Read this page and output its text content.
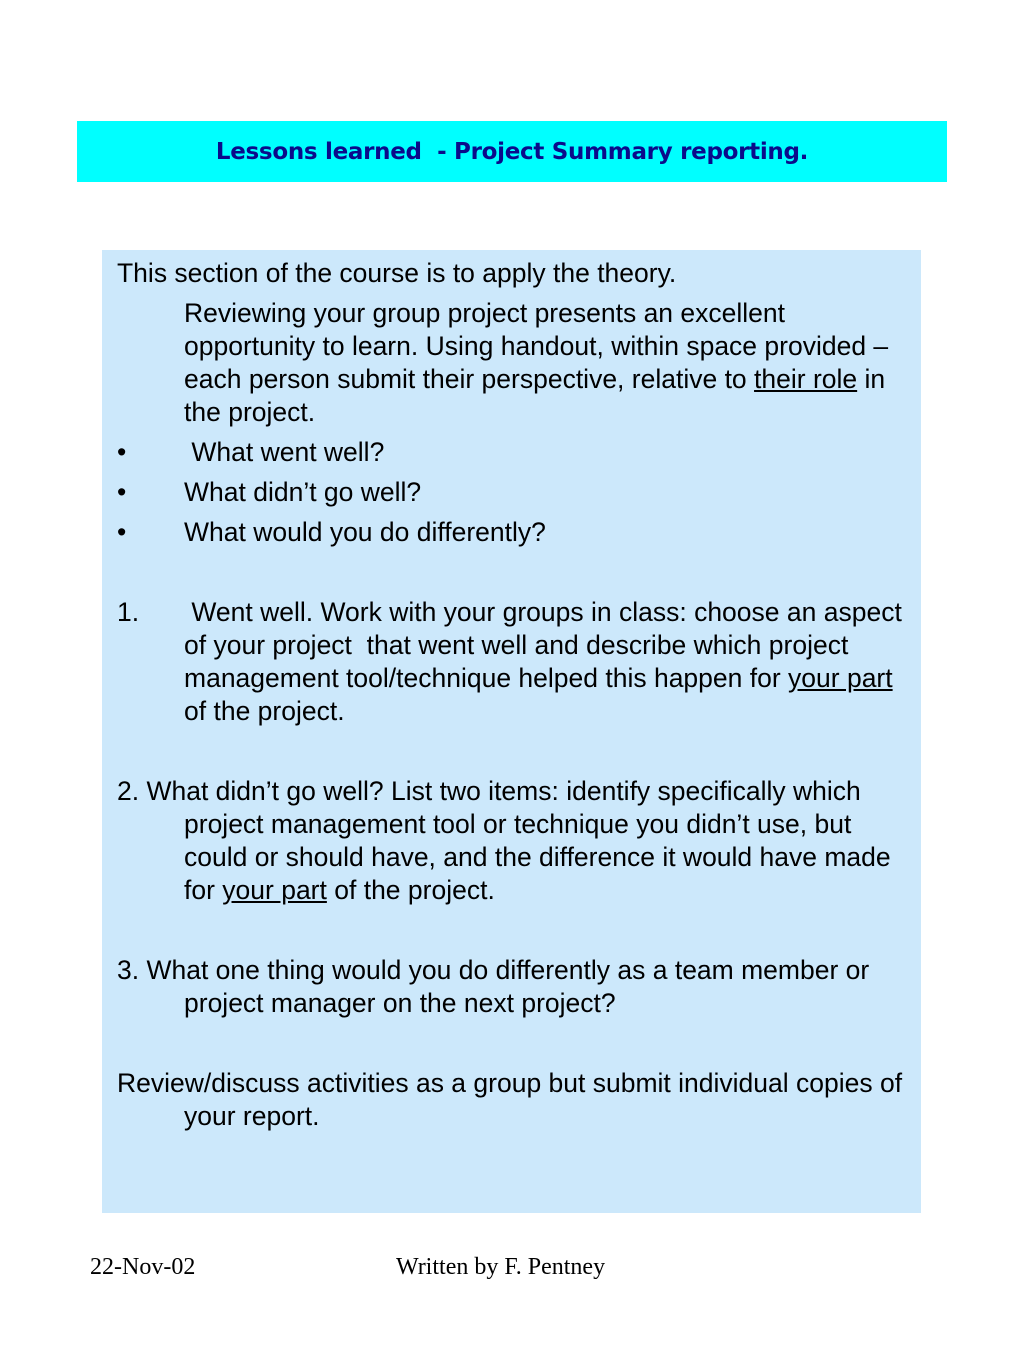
Lessons learned  - Project Summary reporting.

This section of the course is to apply the theory.

Reviewing your group project presents an excellent opportunity to learn. Using handout, within space provided – each person submit their perspective, relative to their role in the project.

•	What went well?
•	What didn’t go well?
•	What would you do differently?
1.	Went well. Work with your groups in class: choose an aspect of your project  that went well and describe which project management tool/technique helped this happen for your part of the project.

2. What didn’t go well? List two items: identify specifically which project management tool or technique you didn’t use, but could or should have, and the difference it would have made for your part of the project.

3. What one thing would you do differently as a team member or project manager on the next project?

Review/discuss activities as a group but submit individual copies of your report.

22-Nov-02	Written by F. Pentney
